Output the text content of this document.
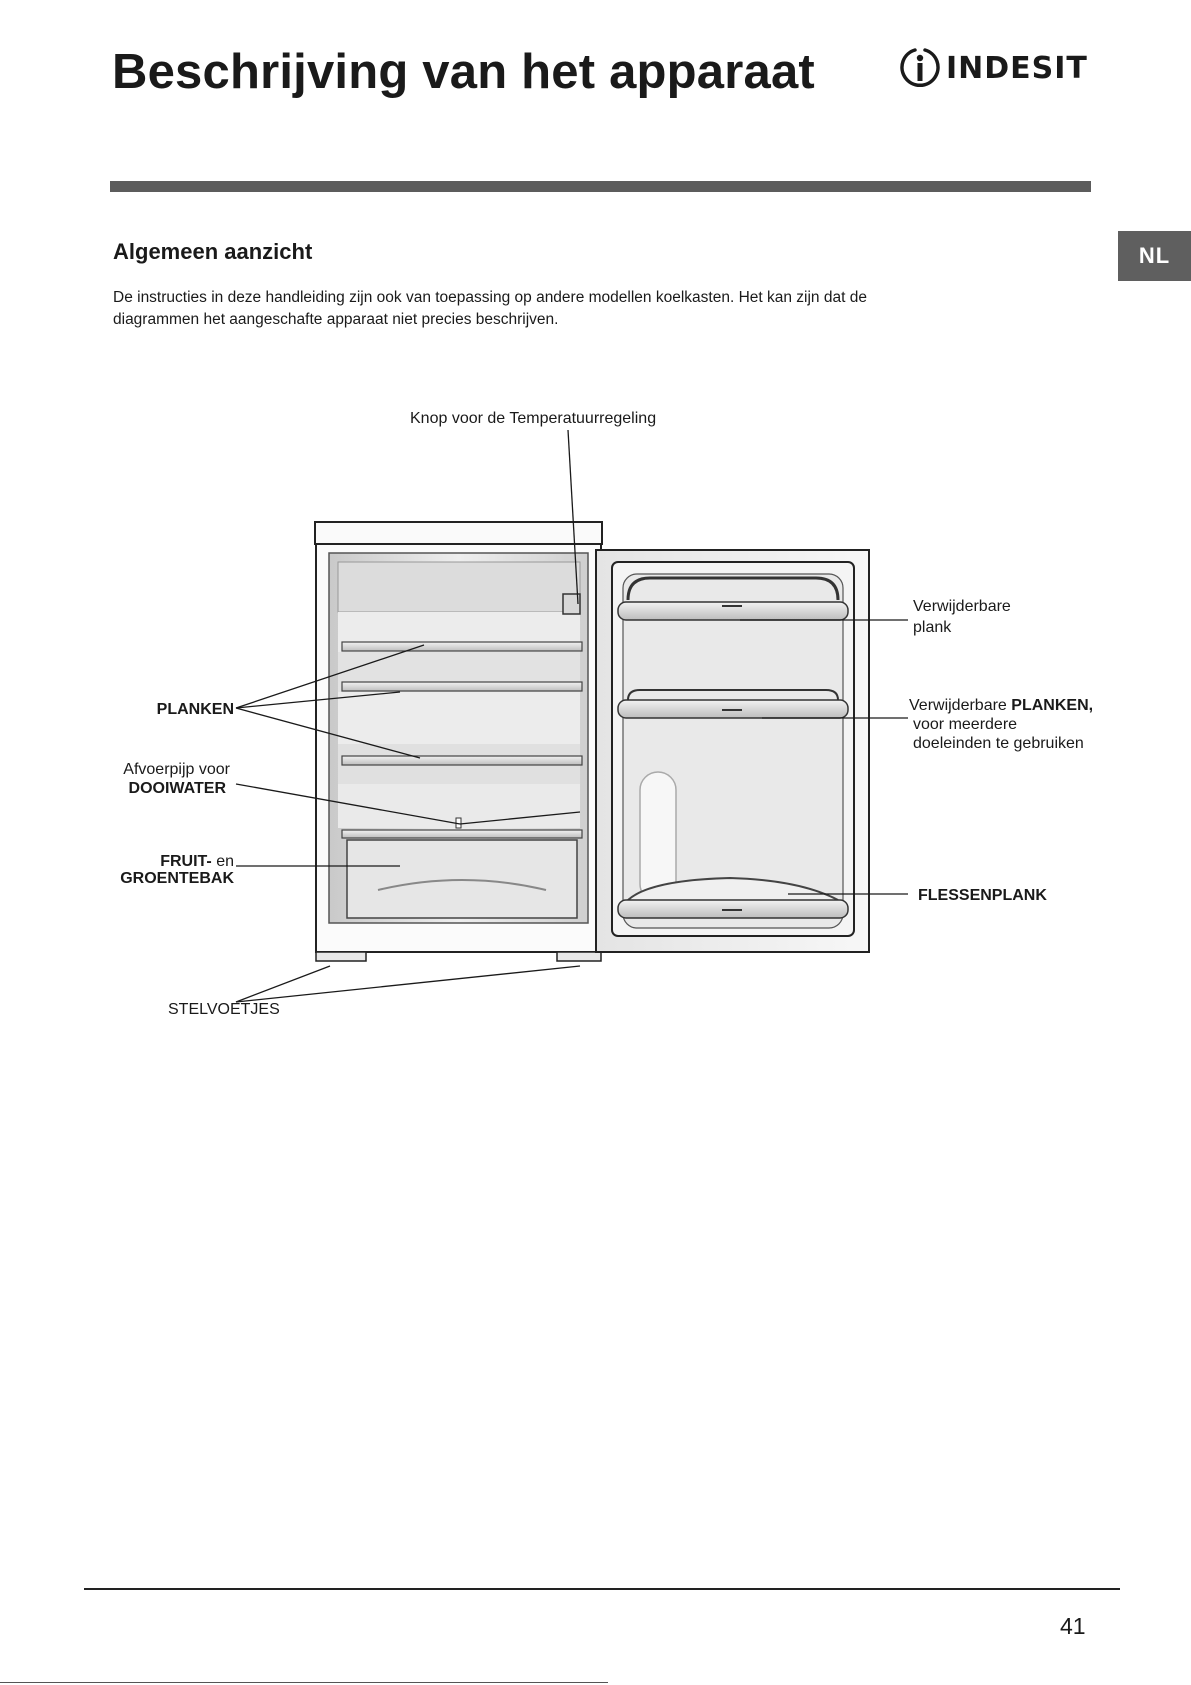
Beschrijving van het apparaat	INDESIT
NL
Algemeen aanzicht
De instructies in deze handleiding zijn ook van toepassing op andere modellen koelkasten. Het kan zijn dat de
diagrammen het aangeschafte apparaat niet precies beschrijven.
Knop voor de Temperatuurregeling
PLANKEN
Afvoerpijp voor
DOOIWATER
FRUIT- en
GROENTEBAK
STELVOETJES
Verwijderbare
plank
Verwijderbare PLANKEN,
voor meerdere
doeleinden te gebruiken
FLESSENPLANK
41
